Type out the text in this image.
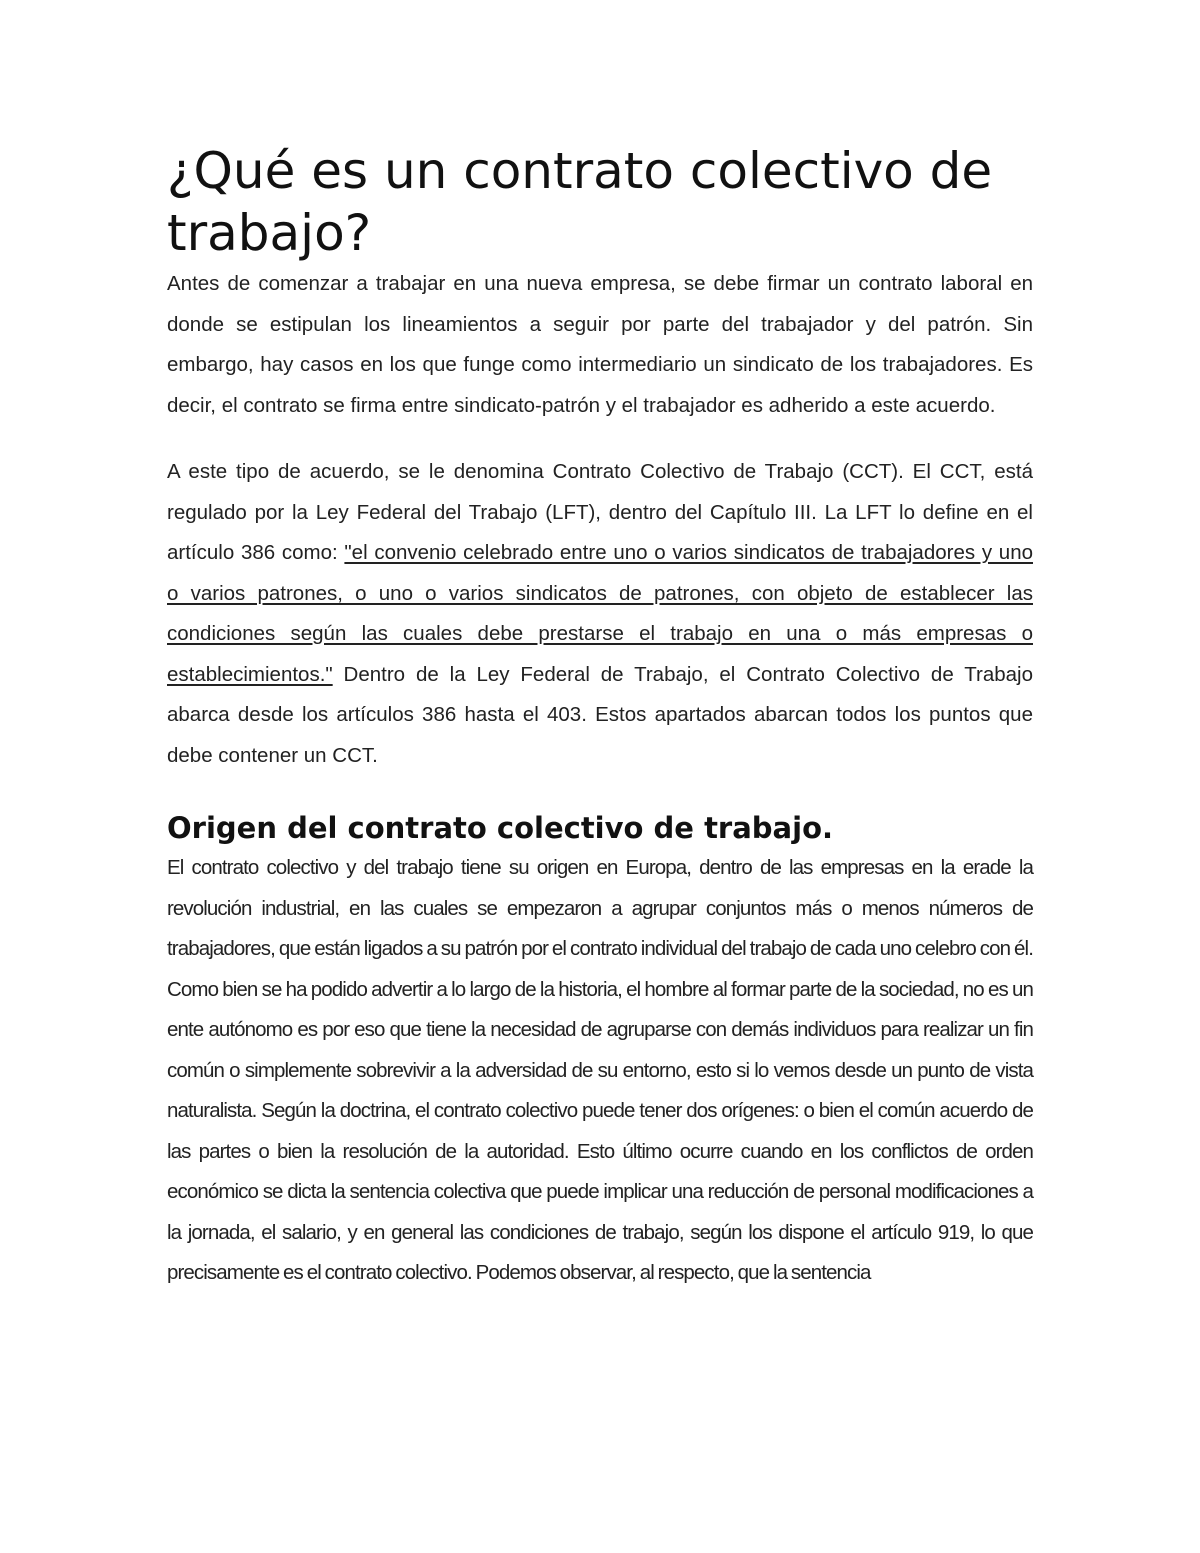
¿Qué es un contrato colectivo de trabajo?

Antes de comenzar a trabajar en una nueva empresa, se debe firmar un contrato laboral en donde se estipulan los lineamientos a seguir por parte del trabajador y del patrón. Sin embargo, hay casos en los que funge como intermediario un sindicato de los trabajadores. Es decir, el contrato se firma entre sindicato-patrón y el trabajador es adherido a este acuerdo.

A este tipo de acuerdo, se le denomina Contrato Colectivo de Trabajo (CCT). El CCT, está regulado por la Ley Federal del Trabajo (LFT), dentro del Capítulo III. La LFT lo define en el artículo 386 como: "el convenio celebrado entre uno o varios sindicatos de trabajadores y uno o varios patrones, o uno o varios sindicatos de patrones, con objeto de establecer las condiciones según las cuales debe prestarse el trabajo en una o más empresas o establecimientos." Dentro de la Ley Federal de Trabajo, el Contrato Colectivo de Trabajo abarca desde los artículos 386 hasta el 403. Estos apartados abarcan todos los puntos que debe contener un CCT.

Origen del contrato colectivo de trabajo.

El contrato colectivo y del trabajo tiene su origen en Europa, dentro de las empresas en la erade la revolución industrial, en las cuales se empezaron a agrupar conjuntos más o menos números de trabajadores, que están ligados a su patrón por el contrato individual del trabajo de cada uno celebro con él. Como bien se ha podido advertir a lo largo de la historia, el hombre al formar parte de la sociedad, no es un ente autónomo es por eso que tiene la necesidad de agruparse con demás individuos para realizar un fin común o simplemente sobrevivir a la adversidad de su entorno, esto si lo vemos desde un punto de vista naturalista. Según la doctrina, el contrato colectivo puede tener dos orígenes: o bien el común acuerdo de las partes o bien la resolución de la autoridad. Esto último ocurre cuando en los conflictos de orden económico se dicta la sentencia colectiva que puede implicar una reducción de personal modificaciones a la jornada, el salario, y en general las condiciones de trabajo, según los dispone el artículo 919, lo que precisamente es el contrato colectivo. Podemos observar, al respecto, que la sentencia
